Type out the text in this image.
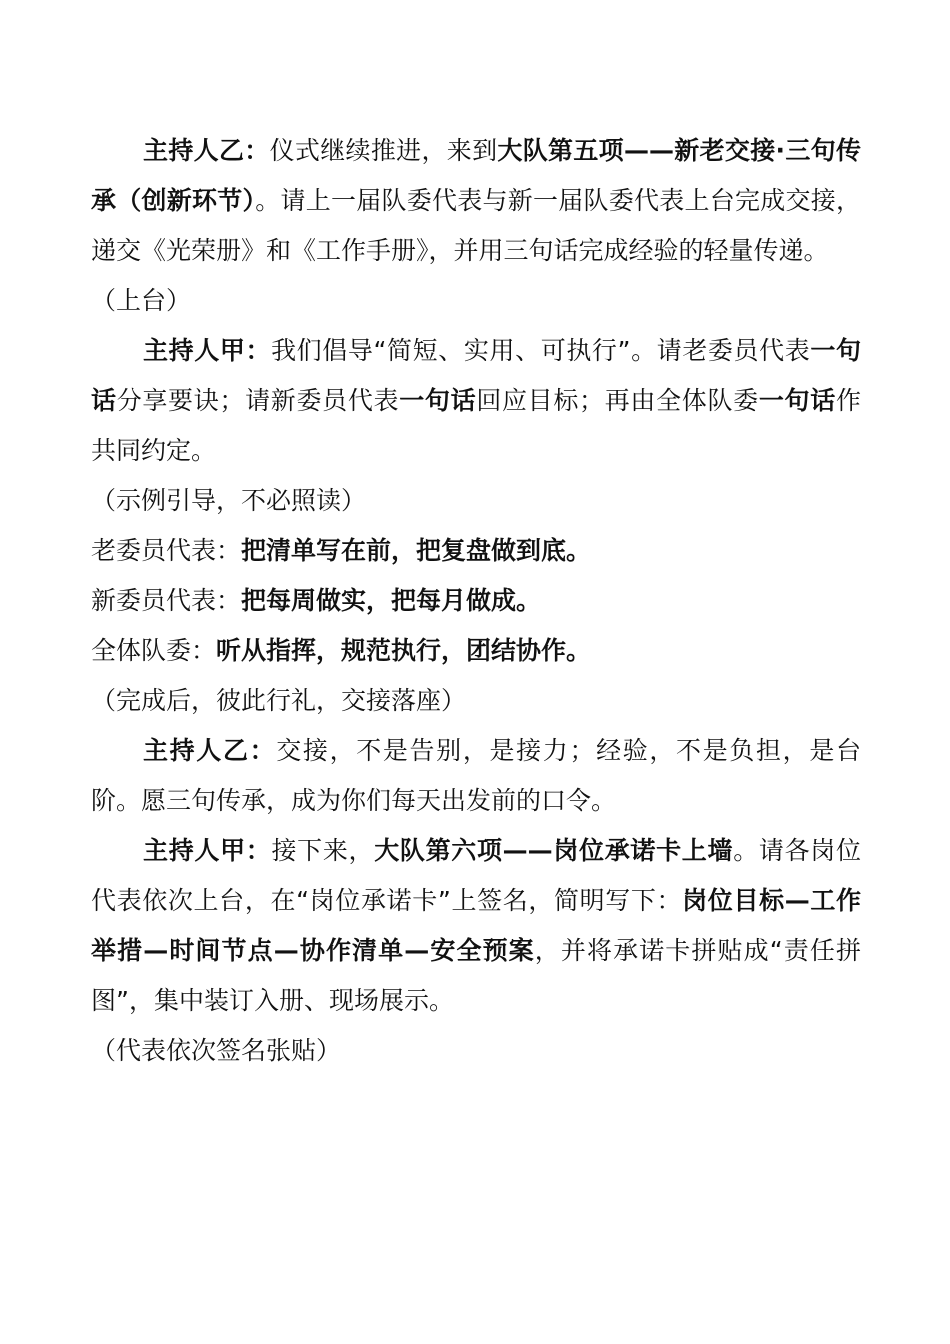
主持人乙：仪式继续推进，来到大队第五项——新老交接·三句传承（创新环节）。请上一届队委代表与新一届队委代表上台完成交接，递交《光荣册》和《工作手册》，并用三句话完成经验的轻量传递。

（上台）

主持人甲：我们倡导“简短、实用、可执行”。请老委员代表一句话分享要诀；请新委员代表一句话回应目标；再由全体队委一句话作共同约定。

（示例引导，不必照读）

老委员代表：把清单写在前，把复盘做到底。

新委员代表：把每周做实，把每月做成。

全体队委：听从指挥，规范执行，团结协作。

（完成后，彼此行礼，交接落座）

主持人乙：交接，不是告别，是接力；经验，不是负担，是台阶。愿三句传承，成为你们每天出发前的口令。

主持人甲：接下来，大队第六项——岗位承诺卡上墙。请各岗位代表依次上台，在“岗位承诺卡”上签名，简明写下：岗位目标—工作举措—时间节点—协作清单—安全预案，并将承诺卡拼贴成“责任拼图”，集中装订入册、现场展示。

（代表依次签名张贴）
